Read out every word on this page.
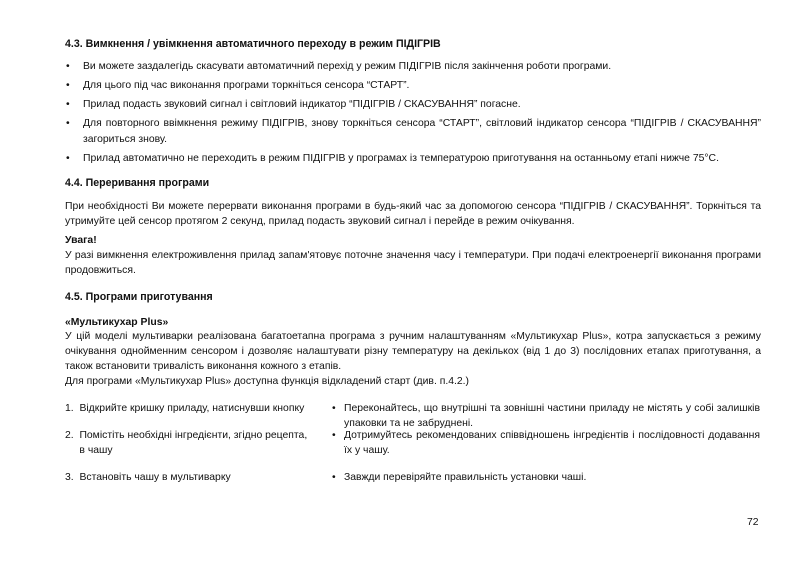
4.3. Вимкнення / увімкнення автоматичного переходу в режим ПІДІГРІВ
• Ви можете заздалегідь скасувати автоматичний перехід у режим ПІДІГРІВ після закінчення роботи програми.
• Для цього під час виконання програми торкніться сенсора “СТАРТ”.
• Прилад подасть звуковий сигнал і світловий індикатор “ПІДІГРІВ / СКАСУВАННЯ” погасне.
• Для повторного ввімкнення режиму ПІДІГРІВ, знову торкніться сенсора “СТАРТ”, світловий індикатор сенсора “ПІДІГРІВ / СКАСУВАННЯ” загориться знову.
• Прилад автоматично не переходить в режим ПІДІГРІВ у програмах із температурою приготування на останньому етапі нижче 75°С.
4.4. Переривання програми
При необхідності Ви можете перервати виконання програми в будь-який час за допомогою сенсора “ПІДІГРІВ / СКАСУВАННЯ”. Торкніться та утримуйте цей сенсор протягом 2 секунд, прилад подасть звуковий сигнал і перейде в режим очікування.
Увага!
У разі вимкнення електроживлення прилад запам'ятовує поточне значення часу і температури. При подачі електроенергії виконання програми продовжиться.
4.5. Програми приготування
«Мультикухар Plus»
У цій моделі мультиварки реалізована багатоетапна програма з ручним налаштуванням «Мультикухар Plus», котра запускається з режиму очікування однойменним сенсором і дозволяє налаштувати різну температуру на декількох (від 1 до 3) послідовних етапах приготування, а також встановити тривалість виконання кожного з етапів.
Для програми «Мультикухар Plus» доступна функція відкладений старт (див. п.4.2.)
1.  Відкрийте кришку приладу, натиснувши кнопку
2.  Помістіть необхідні інгредієнти, згідно рецепта,
в чашу
3.  Встановіть чашу в мультиварку
• Переконайтесь, що внутрішні та зовнішні частини приладу не містять у собі залишків упаковки та не забруднені.
• Дотримуйтесь рекомендованих співвідношень інгредієнтів і послідовності додавання їх у чашу.
• Завжди перевіряйте правильність установки чаші.
72
